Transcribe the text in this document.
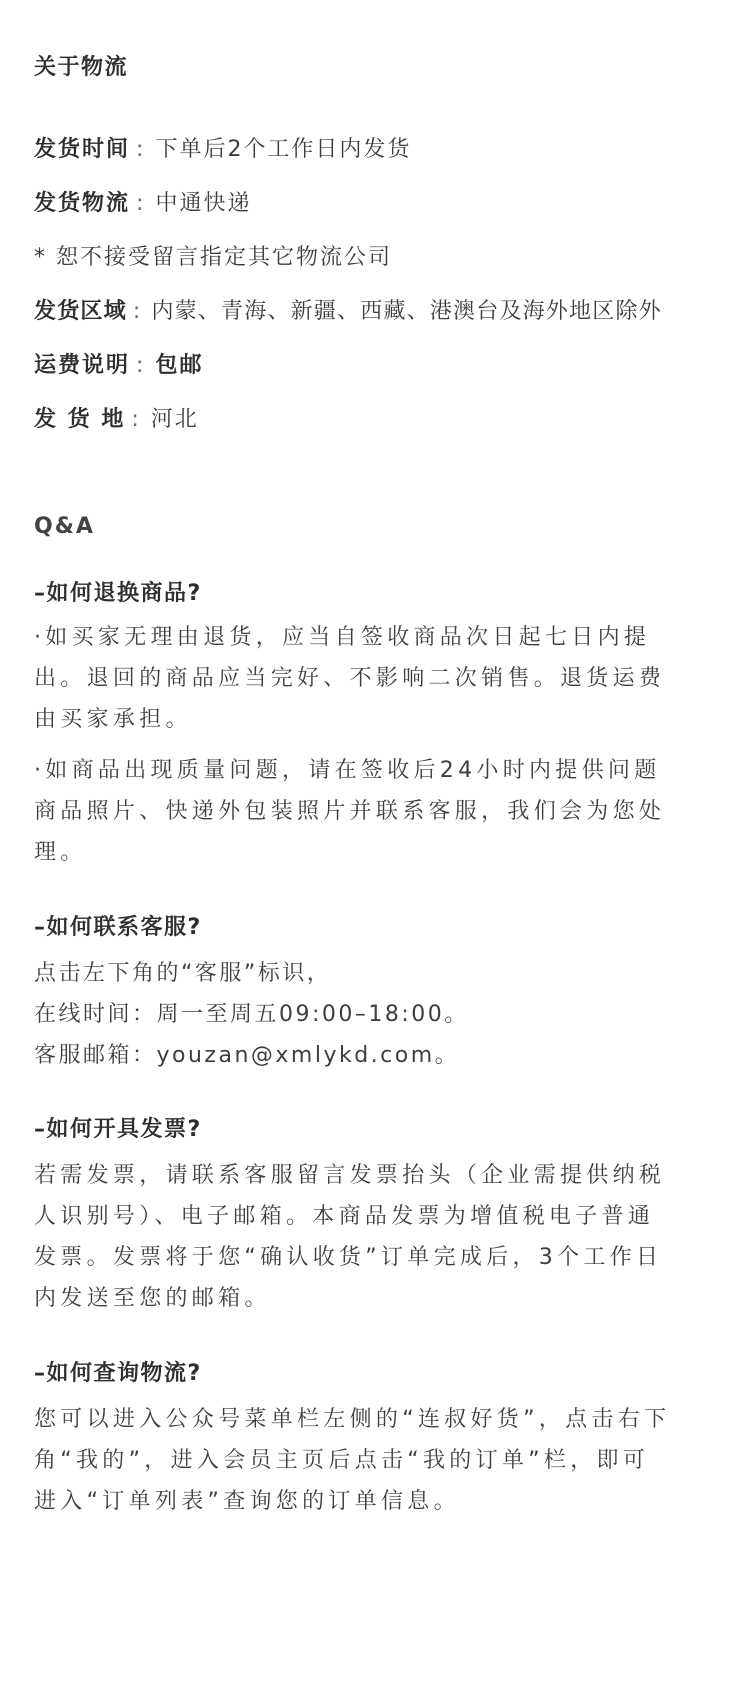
关于物流
发货时间 : 下单后2个工作日内发货
发货物流 : 中通快递
* 恕不接受留言指定其它物流公司
发货区域 : 内蒙、青海、新疆、西藏、港澳台及海外地区除外
运费说明 : 包邮
发 货 地 : 河北
Q&A
–如何退换商品?
·如买家无理由退货，应当自签收商品次日起七日内提出。退回的商品应当完好、不影响二次销售。退货运费由买家承担。
·如商品出现质量问题，请在签收后24小时内提供问题商品照片、快递外包装照片并联系客服，我们会为您处理。
–如何联系客服?
点击左下角的“客服”标识，
在线时间：周一至周五09:00–18:00。
客服邮箱：youzan@xmlykd.com。
–如何开具发票?
若需发票，请联系客服留言发票抬头（企业需提供纳税人识别号）、电子邮箱。本商品发票为增值税电子普通发票。发票将于您“确认收货”订单完成后，3个工作日内发送至您的邮箱。
–如何查询物流?
您可以进入公众号菜单栏左侧的“连叔好货”，点击右下角“我的”，进入会员主页后点击“我的订单”栏，即可进入“订单列表”查询您的订单信息。
